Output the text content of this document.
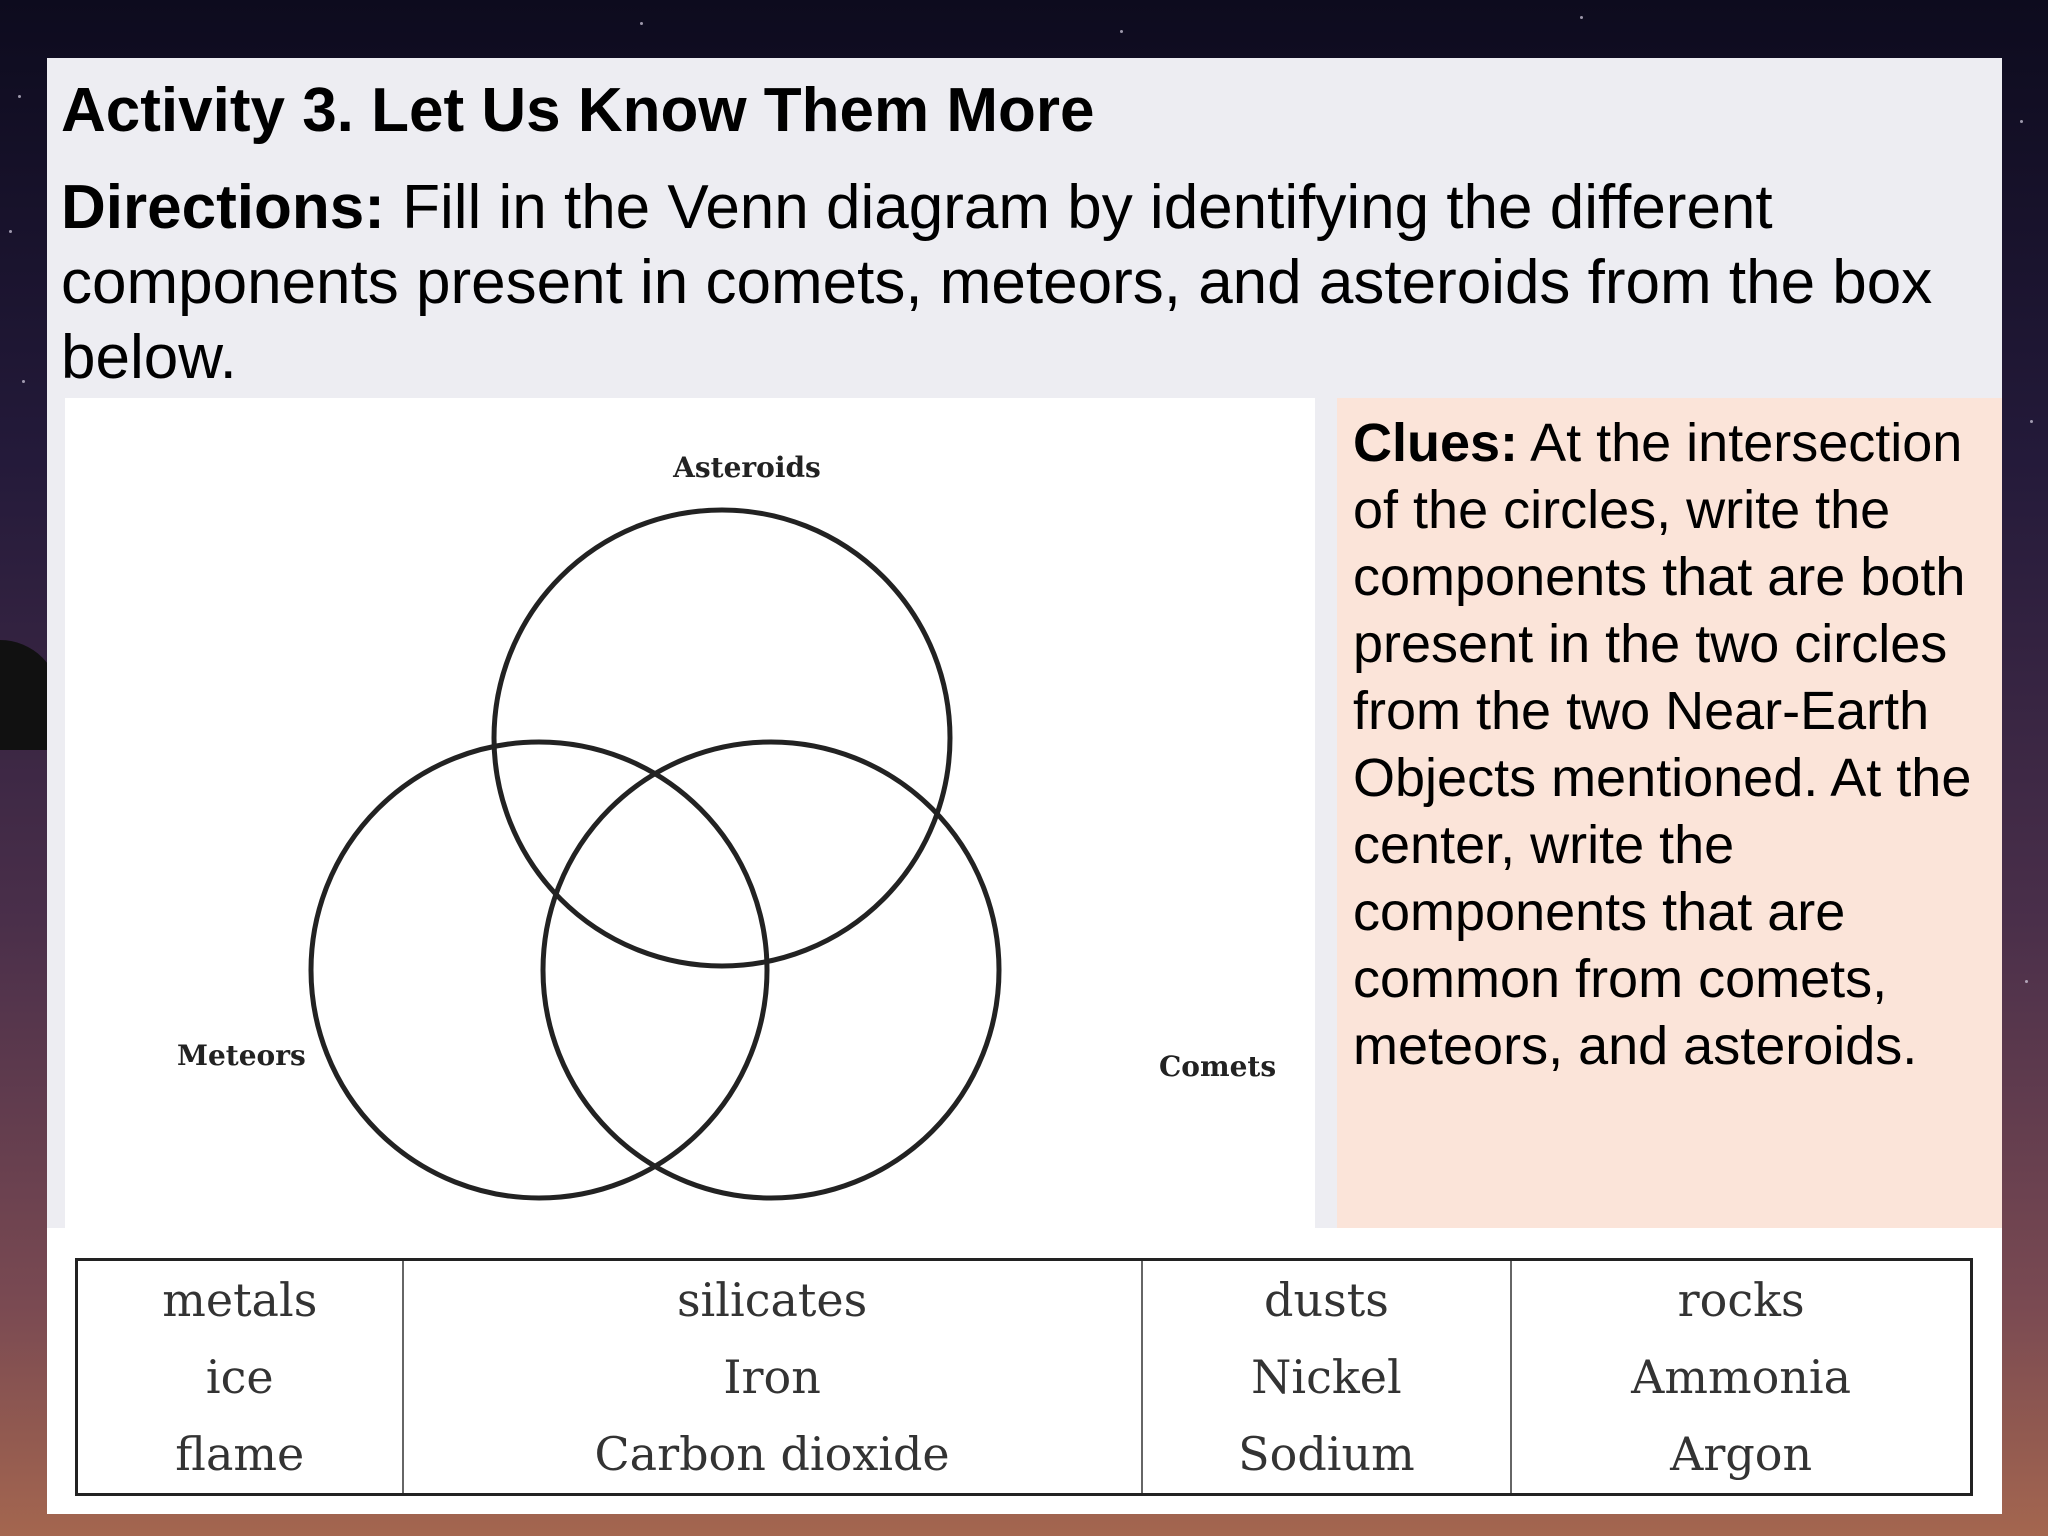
Activity 3. Let Us Know Them More

Directions: Fill in the Venn diagram by identifying the different components present in comets, meteors, and asteroids from the box below.

Asteroids
Meteors	Comets
Clues: At the intersection of the circles, write the components that are both present in the two circles from the two Near-Earth Objects mentioned. At the center, write the components that are common from comets, meteors, and asteroids.
metals	silicates	dusts	rocks
ice	Iron	Nickel	Ammonia
flame	Carbon dioxide	Sodium	Argon
